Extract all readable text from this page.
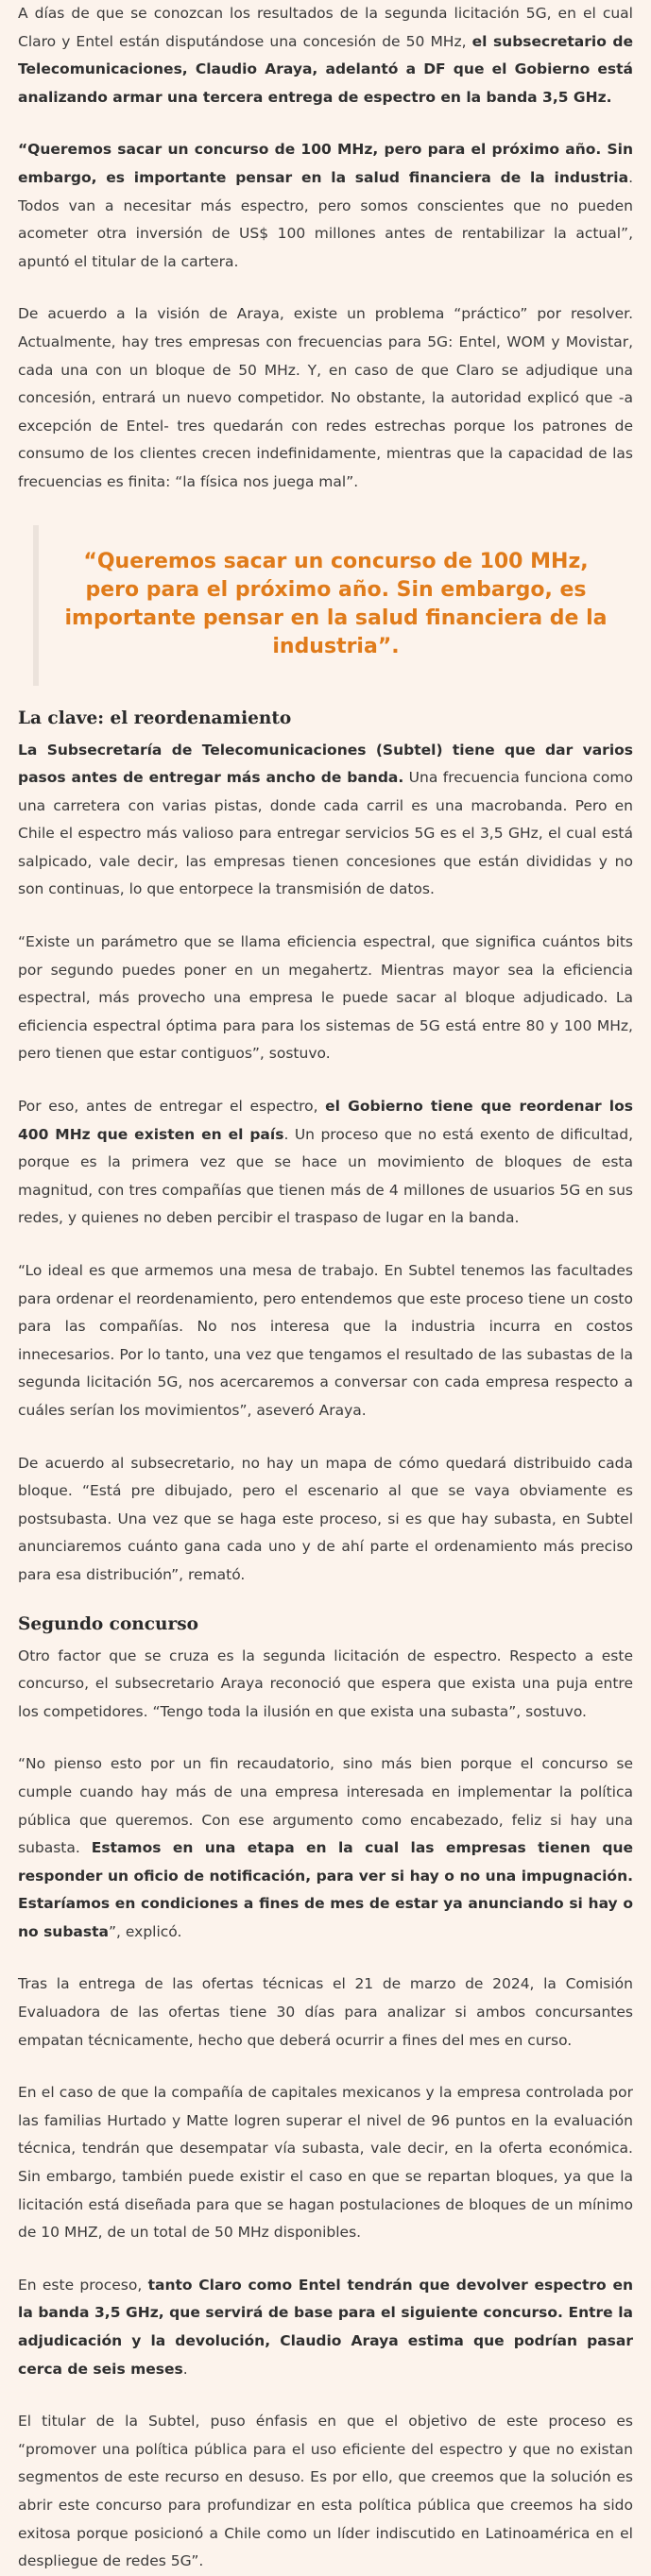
A días de que se conozcan los resultados de la segunda licitación 5G, en el cual Claro y Entel están disputándose una concesión de 50 MHz, el subsecretario de Telecomunicaciones, Claudio Araya, adelantó a DF que el Gobierno está analizando armar una tercera entrega de espectro en la banda 3,5 GHz.

“Queremos sacar un concurso de 100 MHz, pero para el próximo año. Sin embargo, es importante pensar en la salud financiera de la industria. Todos van a necesitar más espectro, pero somos conscientes que no pueden acometer otra inversión de US$ 100 millones antes de rentabilizar la actual”, apuntó el titular de la cartera.

De acuerdo a la visión de Araya, existe un problema “práctico” por resolver. Actualmente, hay tres empresas con frecuencias para 5G: Entel, WOM y Movistar, cada una con un bloque de 50 MHz. Y, en caso de que Claro se adjudique una concesión, entrará un nuevo competidor. No obstante, la autoridad explicó que -a excepción de Entel- tres quedarán con redes estrechas porque los patrones de consumo de los clientes crecen indefinidamente, mientras que la capacidad de las frecuencias es finita: “la física nos juega mal”.

“Queremos sacar un concurso de 100 MHz, pero para el próximo año. Sin embargo, es importante pensar en la salud financiera de la industria”.
La clave: el reordenamiento

La Subsecretaría de Telecomunicaciones (Subtel) tiene que dar varios pasos antes de entregar más ancho de banda. Una frecuencia funciona como una carretera con varias pistas, donde cada carril es una macrobanda. Pero en Chile el espectro más valioso para entregar servicios 5G es el 3,5 GHz, el cual está salpicado, vale decir, las empresas tienen concesiones que están divididas y no son continuas, lo que entorpece la transmisión de datos.

“Existe un parámetro que se llama eficiencia espectral, que significa cuántos bits por segundo puedes poner en un megahertz. Mientras mayor sea la eficiencia espectral, más provecho una empresa le puede sacar al bloque adjudicado. La eficiencia espectral óptima para para los sistemas de 5G está entre 80 y 100 MHz, pero tienen que estar contiguos”, sostuvo.

Por eso, antes de entregar el espectro, el Gobierno tiene que reordenar los 400 MHz que existen en el país. Un proceso que no está exento de dificultad, porque es la primera vez que se hace un movimiento de bloques de esta magnitud, con tres compañías que tienen más de 4 millones de usuarios 5G en sus redes, y quienes no deben percibir el traspaso de lugar en la banda.

“Lo ideal es que armemos una mesa de trabajo. En Subtel tenemos las facultades para ordenar el reordenamiento, pero entendemos que este proceso tiene un costo para las compañías. No nos interesa que la industria incurra en costos innecesarios. Por lo tanto, una vez que tengamos el resultado de las subastas de la segunda licitación 5G, nos acercaremos a conversar con cada empresa respecto a cuáles serían los movimientos”, aseveró Araya.

De acuerdo al subsecretario, no hay un mapa de cómo quedará distribuido cada bloque. “Está pre dibujado, pero el escenario al que se vaya obviamente es postsubasta. Una vez que se haga este proceso, si es que hay subasta, en Subtel anunciaremos cuánto gana cada uno y de ahí parte el ordenamiento más preciso para esa distribución”, remató.

Segundo concurso

Otro factor que se cruza es la segunda licitación de espectro. Respecto a este concurso, el subsecretario Araya reconoció que espera que exista una puja entre los competidores. “Tengo toda la ilusión en que exista una subasta”, sostuvo.

“No pienso esto por un fin recaudatorio, sino más bien porque el concurso se cumple cuando hay más de una empresa interesada en implementar la política pública que queremos. Con ese argumento como encabezado, feliz si hay una subasta. Estamos en una etapa en la cual las empresas tienen que responder un oficio de notificación, para ver si hay o no una impugnación. Estaríamos en condiciones a fines de mes de estar ya anunciando si hay o no subasta”, explicó.

Tras la entrega de las ofertas técnicas el 21 de marzo de 2024, la Comisión Evaluadora de las ofertas tiene 30 días para analizar si ambos concursantes empatan técnicamente, hecho que deberá ocurrir a fines del mes en curso.

En el caso de que la compañía de capitales mexicanos y la empresa controlada por las familias Hurtado y Matte logren superar el nivel de 96 puntos en la evaluación técnica, tendrán que desempatar vía subasta, vale decir, en la oferta económica. Sin embargo, también puede existir el caso en que se repartan bloques, ya que la licitación está diseñada para que se hagan postulaciones de bloques de un mínimo de 10 MHZ, de un total de 50 MHz disponibles.

En este proceso, tanto Claro como Entel tendrán que devolver espectro en la banda 3,5 GHz, que servirá de base para el siguiente concurso. Entre la adjudicación y la devolución, Claudio Araya estima que podrían pasar cerca de seis meses.

El titular de la Subtel, puso énfasis en que el objetivo de este proceso es “promover una política pública para el uso eficiente del espectro y que no existan segmentos de este recurso en desuso. Es por ello, que creemos que la solución es abrir este concurso para profundizar en esta política pública que creemos ha sido exitosa porque posicionó a Chile como un líder indiscutido en Latinoamérica en el despliegue de redes 5G”.
